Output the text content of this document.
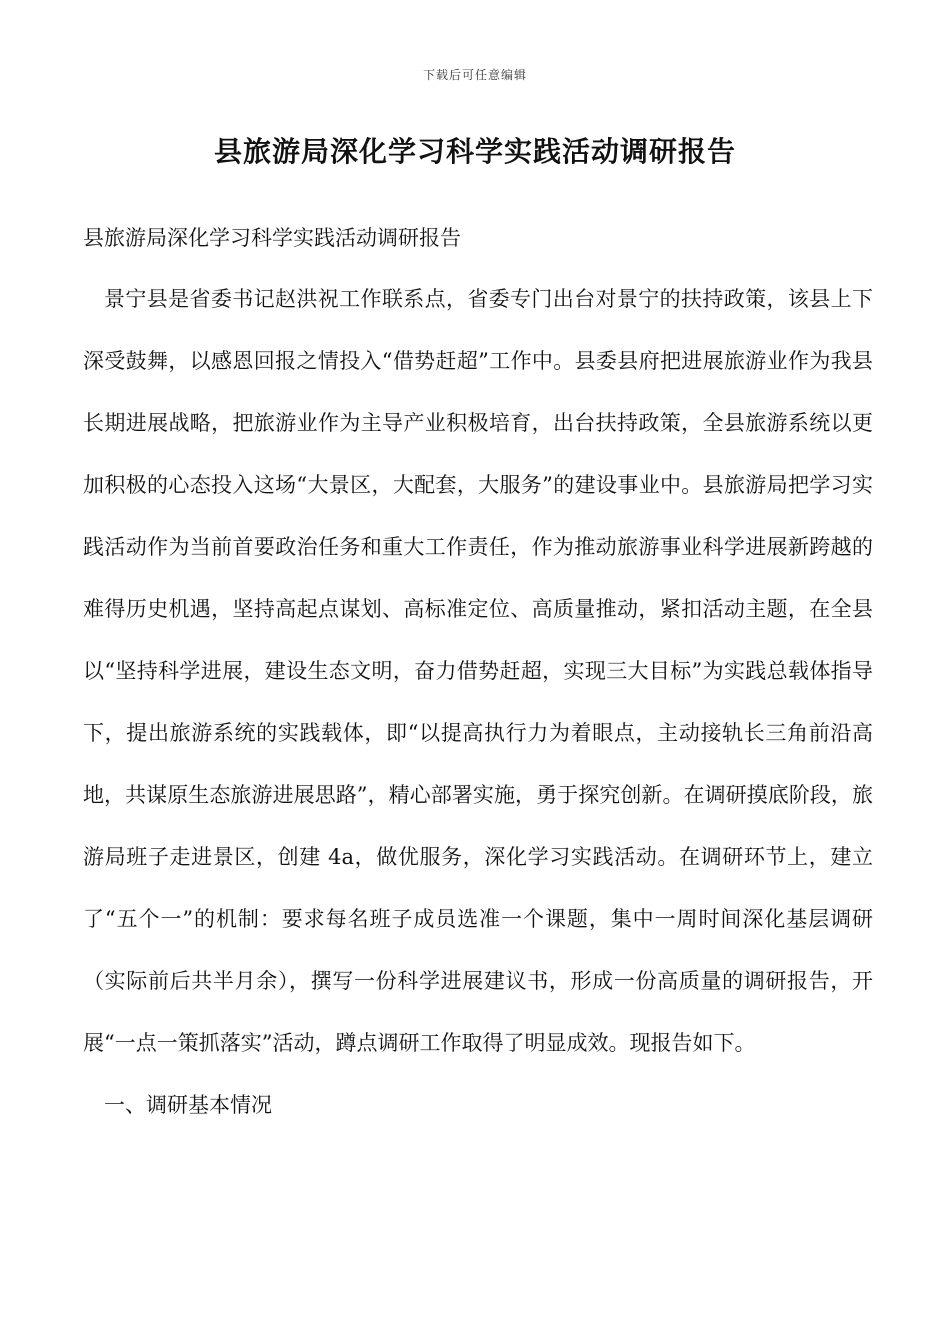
下载后可任意编辑
县旅游局深化学习科学实践活动调研报告

县旅游局深化学习科学实践活动调研报告

景宁县是省委书记赵洪祝工作联系点，省委专门出台对景宁的扶持政策，该县上下深受鼓舞，以感恩回报之情投入“借势赶超”工作中。县委县府把进展旅游业作为我县长期进展战略，把旅游业作为主导产业积极培育，出台扶持政策，全县旅游系统以更加积极的心态投入这场“大景区，大配套，大服务”的建设事业中。县旅游局把学习实践活动作为当前首要政治任务和重大工作责任，作为推动旅游事业科学进展新跨越的难得历史机遇，坚持高起点谋划、高标准定位、高质量推动，紧扣活动主题，在全县以“坚持科学进展，建设生态文明，奋力借势赶超，实现三大目标”为实践总载体指导下，提出旅游系统的实践载体，即“以提高执行力为着眼点，主动接轨长三角前沿高地，共谋原生态旅游进展思路”，精心部署实施，勇于探究创新。在调研摸底阶段，旅游局班子走进景区，创建 4a，做优服务，深化学习实践活动。在调研环节上，建立了“五个一”的机制：要求每名班子成员选准一个课题，集中一周时间深化基层调研（实际前后共半月余），撰写一份科学进展建议书，形成一份高质量的调研报告，开展“一点一策抓落实”活动，蹲点调研工作取得了明显成效。现报告如下。

一、调研基本情况
